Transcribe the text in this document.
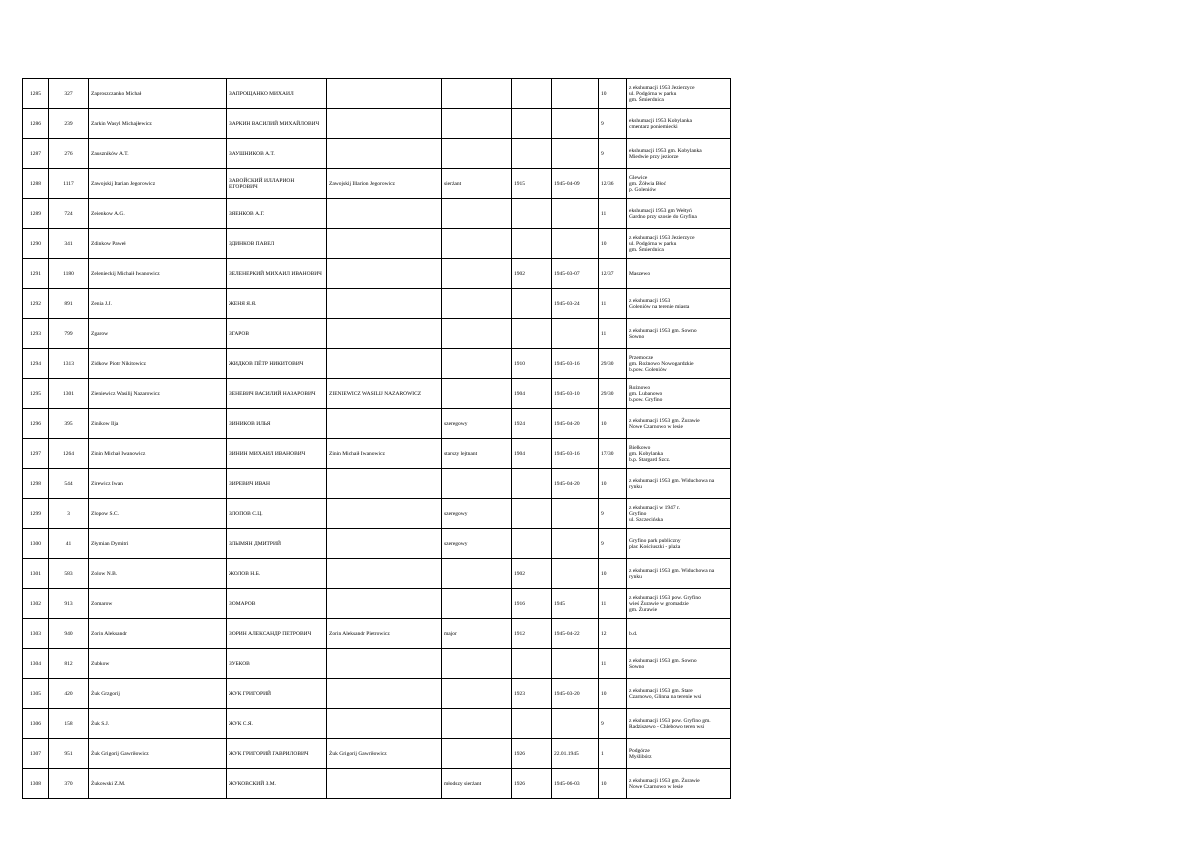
1285	327	Zaproszczanko Michał	ЗАПРОЩАНКО МИХАИЛ					10	z ekshumacji 1953 Jezierzyce
ul. Podgórna w parku
gm. Śmierdnica

1286	239	Zarkin Wasyl Michajłewicz	ЗАРКИН ВАСИЛИЙ МИХАЙЛОВИЧ					9	ekshumacji 1953 Kobylanka
cmentarz poniemiecki

1287	276	Zauszników A.T.	ЗАУШНИКОВ А.Т.					9	ekshumacji 1953 gm. Kobylanka
Miedwie przy jeziorze

1288	1117	Zawojskij Itarian Jegorowicz	ЗАВОЙСКИЙ ИЛЛАРИОН ЕГОРОВИЧ	Zawojskij Illarion Jegorowicz	sierżant	1915	1945-04-09	12/36	Glewice
gm. Żółwia Błoć
p. Goleniów

1289	724	Zeienkow A.G.	ЗЯЕНКОВ А.Г.					11	ekshumacji 1953 gm Wełtyń
Gardno przy szosie do Gryfina

1290	341	Zdinkow Paweł	ЗДИНКОВ ПАВЕЛ					10	z ekshumacji 1953 Jezierzyce
ul. Podgórna w parku
gm. Śmierdnica

1291	1180	Zelenieckij Michaił Iwanowicz	ЗЕЛЕНЕРКИЙ МИХАИЛ ИВАНОВИЧ			1902	1945-03-07	12/37	Maszewo

1292	891	Zenia J.J.	ЖЕНЯ Я.Я.				1945-03-24	11	z ekshumacji 1953
Goleniów na terenie miasta

1293	799	Zgarow	ЗГАРОВ					11	z ekshumacji 1953 gm. Sowno
Sowno

1294	1313	Zidkow Piotr Nikitowicz	ЖИДКОВ ПЁТР НИКИТОВИЧ			1910	1945-03-16	29/30	Przemocze
gm. Rożnowo Nowogardzkie
b.pow. Goleniów

1295	1301	Zieniewicz Wasilij Nazarowicz	ЗЕНЕВИЧ ВАСИЛИЙ НАЗАРОВИЧ	ZIENIEWICZ WASILIJ NAZAROWICZ		1904	1945-03-10	29/30	Rożnowo
gm. Lubanowo
b.pow. Gryfino

1296	395	Zinikow Ilja	ЗИНИКОВ ИЛЬЯ		szeregowy	1924	1945-04-20	10	z ekshumacji 1953 gm. Żurawie
Nowe Czarnowo w lesie

1297	1264	Zinin Michał Iwanowicz	ЗИНИН МИХАИЛ ИВАНОВИЧ	Zinin Michaił Iwanowicz	starszy lejtnant	1904	1945-03-16	17/30	Bielkowo
gm. Kobylanka
b.p. Stargard Szcz.

1298	544	Zirewicz Iwan	ЗИРЕВИЧ ИВАН				1945-04-20	10	z ekshumacji 1953 gm. Widuchowa na
rynku

1299	3	Zlopow S.C.	ЗЛОПОВ С.Ц.		szeregowy			9	z ekshumacji w 1947 r.
Gryfino
ul. Szczecińska

1300	41	Złymian Dymitri	ЗЛЫМЯН ДМИТРИЙ		szeregowy			9	Gryfino park publiczny
plac Kościuszki - plaża

1301	583	Zolow N.B.	ЖОЛОВ Н.Б.			1902		10	z ekshumacji 1953 gm. Widuchowa na
rynku

1302	913	Zomarow	ЗОМАРОВ			1916	1945	11	z ekshumacji 1953 pow. Gryfino
wieś Żurawie w gromadzie
gm. Żurawie

1303	940	Zorin Aleksandr	ЗОРИН АЛЕКСАНДР ПЕТРОВИЧ	Zorin Aleksandr Pietrowicz	major	1912	1945-04-22	12	b.d.

1304	812	Zubkow	ЗУБКОВ					11	z ekshumacji 1953 gm. Sowno
Sowno

1305	420	Żuk Grzgorij	ЖУК ГРИГОРИЙ			1923	1945-03-20	10	z ekshumacji 1953 gm. Stare
Czarnowo, Glinna na terenie wsi

1306	158	Żuk S.J.	ЖУК С.Я.					9	z ekshumacji 1953 pow. Gryfino gm.
Radziszewo - Chlebowo teren wsi

1307	951	Żuk Grigorij Gawriłowicz	ЖУК ГРИГОРИЙ ГАВРИЛОВИЧ	Żuk Grigorij Gawriłowicz		1926	22.01.1945	1	Podgórze
Myślibórz

1308	370	Żukowski Z.M.	ЖУКОВСКИЙ З.М.		młodszy sierżant	1926	1945-06-03	10	z ekshumacji 1953 gm. Żurawie
Nowe Czarnowo w lesie
